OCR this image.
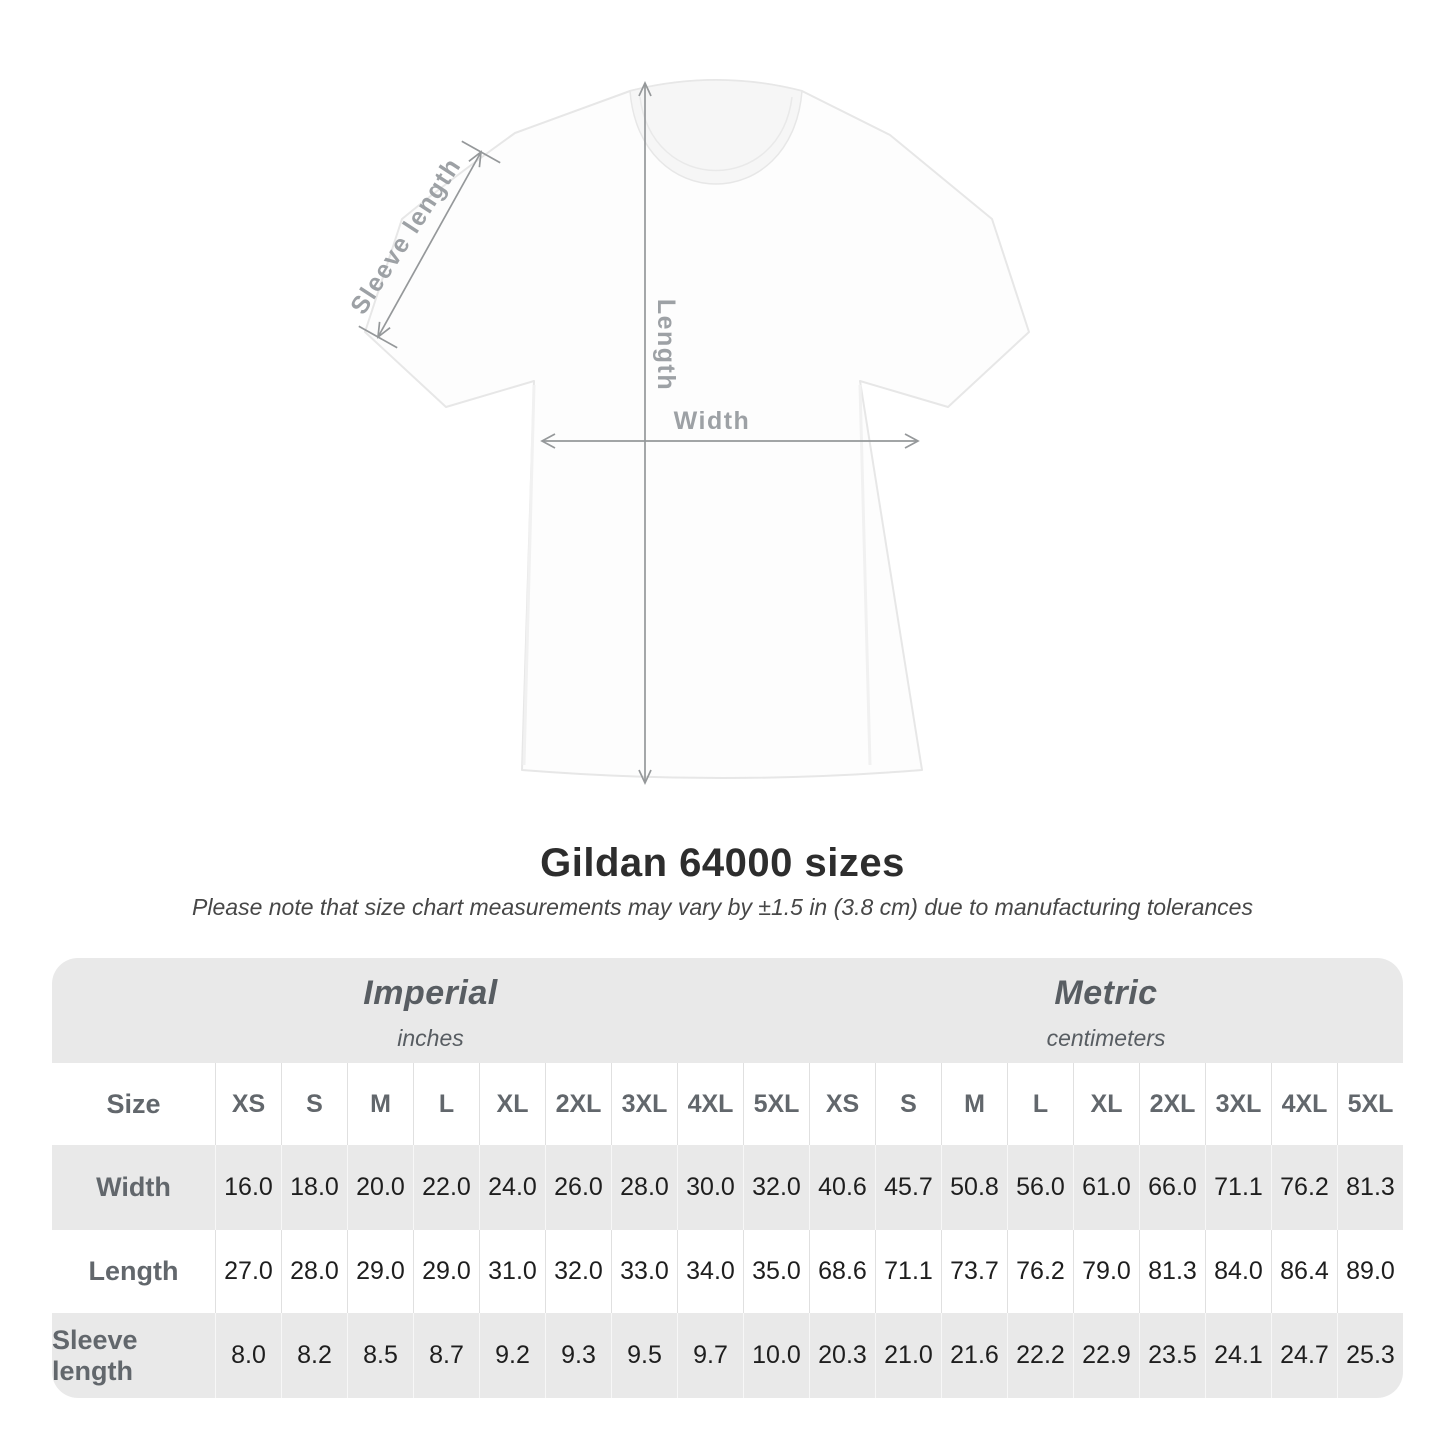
Sleeve length
Length
Width
Gildan 64000 sizes
Please note that size chart measurements may vary by ±1.5 in (3.8 cm) due to manufacturing tolerances
Imperial
inches
Metric
centimeters
Size	XS	S	M	L	XL	2XL 3XL 4XL 5XL	XS	S	M	L	XL	2XL 3XL 4XL 5XL
Width	16.0 18.0 20.0 22.0 24.0 26.0 28.0 30.0 32.0 40.6 45.7 50.8 56.0 61.0 66.0 71.1 76.2 81.3
Length	27.0 28.0 29.0 29.0 31.0 32.0 33.0 34.0 35.0 68.6 71.1 73.7 76.2 79.0 81.3 84.0 86.4 89.0
Sleeve length
8.0	8.2	8.5	8.7	9.2	9.3	9.5	9.7 10.0 20.3 21.0 21.6 22.2 22.9 23.5 24.1 24.7 25.3
